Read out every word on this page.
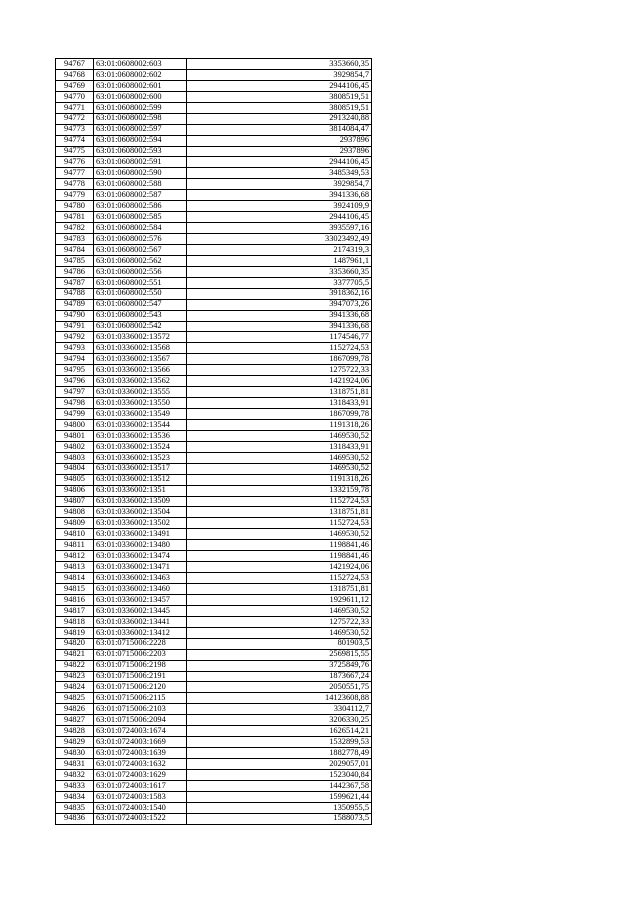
94767	63:01:0608002:603	3353660,35
94768	63:01:0608002:602	3929854,7
94769	63:01:0608002:601	2944106,45
94770	63:01:0608002:600	3808519,51
94771	63:01:0608002:599	3808519,51
94772	63:01:0608002:598	2913240,88
94773	63:01:0608002:597	3814084,47
94774	63:01:0608002:594	2937896
94775	63:01:0608002:593	2937896
94776	63:01:0608002:591	2944106,45
94777	63:01:0608002:590	3485349,53
94778	63:01:0608002:588	3929854,7
94779	63:01:0608002:587	3941336,68
94780	63:01:0608002:586	3924109,9
94781	63:01:0608002:585	2944106,45
94782	63:01:0608002:584	3935597,16
94783	63:01:0608002:576	33023492,49
94784	63:01:0608002:567	2174319,3
94785	63:01:0608002:562	1487961,1
94786	63:01:0608002:556	3353660,35
94787	63:01:0608002:551	3377705,5
94788	63:01:0608002:550	3918362,16
94789	63:01:0608002:547	3947073,26
94790	63:01:0608002:543	3941336,68
94791	63:01:0608002:542	3941336,68
94792	63:01:0336002:13572	1174546,77
94793	63:01:0336002:13568	1152724,53
94794	63:01:0336002:13567	1867099,78
94795	63:01:0336002:13566	1275722,33
94796	63:01:0336002:13562	1421924,06
94797	63:01:0336002:13555	1318751,81
94798	63:01:0336002:13550	1318433,91
94799	63:01:0336002:13549	1867099,78
94800	63:01:0336002:13544	1191318,26
94801	63:01:0336002:13536	1469530,52
94802	63:01:0336002:13524	1318433,91
94803	63:01:0336002:13523	1469530,52
94804	63:01:0336002:13517	1469530,52
94805	63:01:0336002:13512	1191318,26
94806	63:01:0336002:1351	1332159,78
94807	63:01:0336002:13509	1152724,53
94808	63:01:0336002:13504	1318751,81
94809	63:01:0336002:13502	1152724,53
94810	63:01:0336002:13491	1469530,52
94811	63:01:0336002:13480	1198841,46
94812	63:01:0336002:13474	1198841,46
94813	63:01:0336002:13471	1421924,06
94814	63:01:0336002:13463	1152724,53
94815	63:01:0336002:13460	1318751,81
94816	63:01:0336002:13457	1929611,12
94817	63:01:0336002:13445	1469530,52
94818	63:01:0336002:13441	1275722,33
94819	63:01:0336002:13412	1469530,52
94820	63:01:0715006:2228	801903,5
94821	63:01:0715006:2203	2569815,55
94822	63:01:0715006:2198	3725849,76
94823	63:01:0715006:2191	1873667,24
94824	63:01:0715006:2120	2050551,75
94825	63:01:0715006:2115	14123608,88
94826	63:01:0715006:2103	3304112,7
94827	63:01:0715006:2094	3206330,25
94828	63:01:0724003:1674	1626514,21
94829	63:01:0724003:1669	1532899,53
94830	63:01:0724003:1639	1882778,49
94831	63:01:0724003:1632	2029057,01
94832	63:01:0724003:1629	1523040,84
94833	63:01:0724003:1617	1442367,58
94834	63:01:0724003:1583	1599621,44
94835	63:01:0724003:1540	1350955,5
94836	63:01:0724003:1522	1588073,5
